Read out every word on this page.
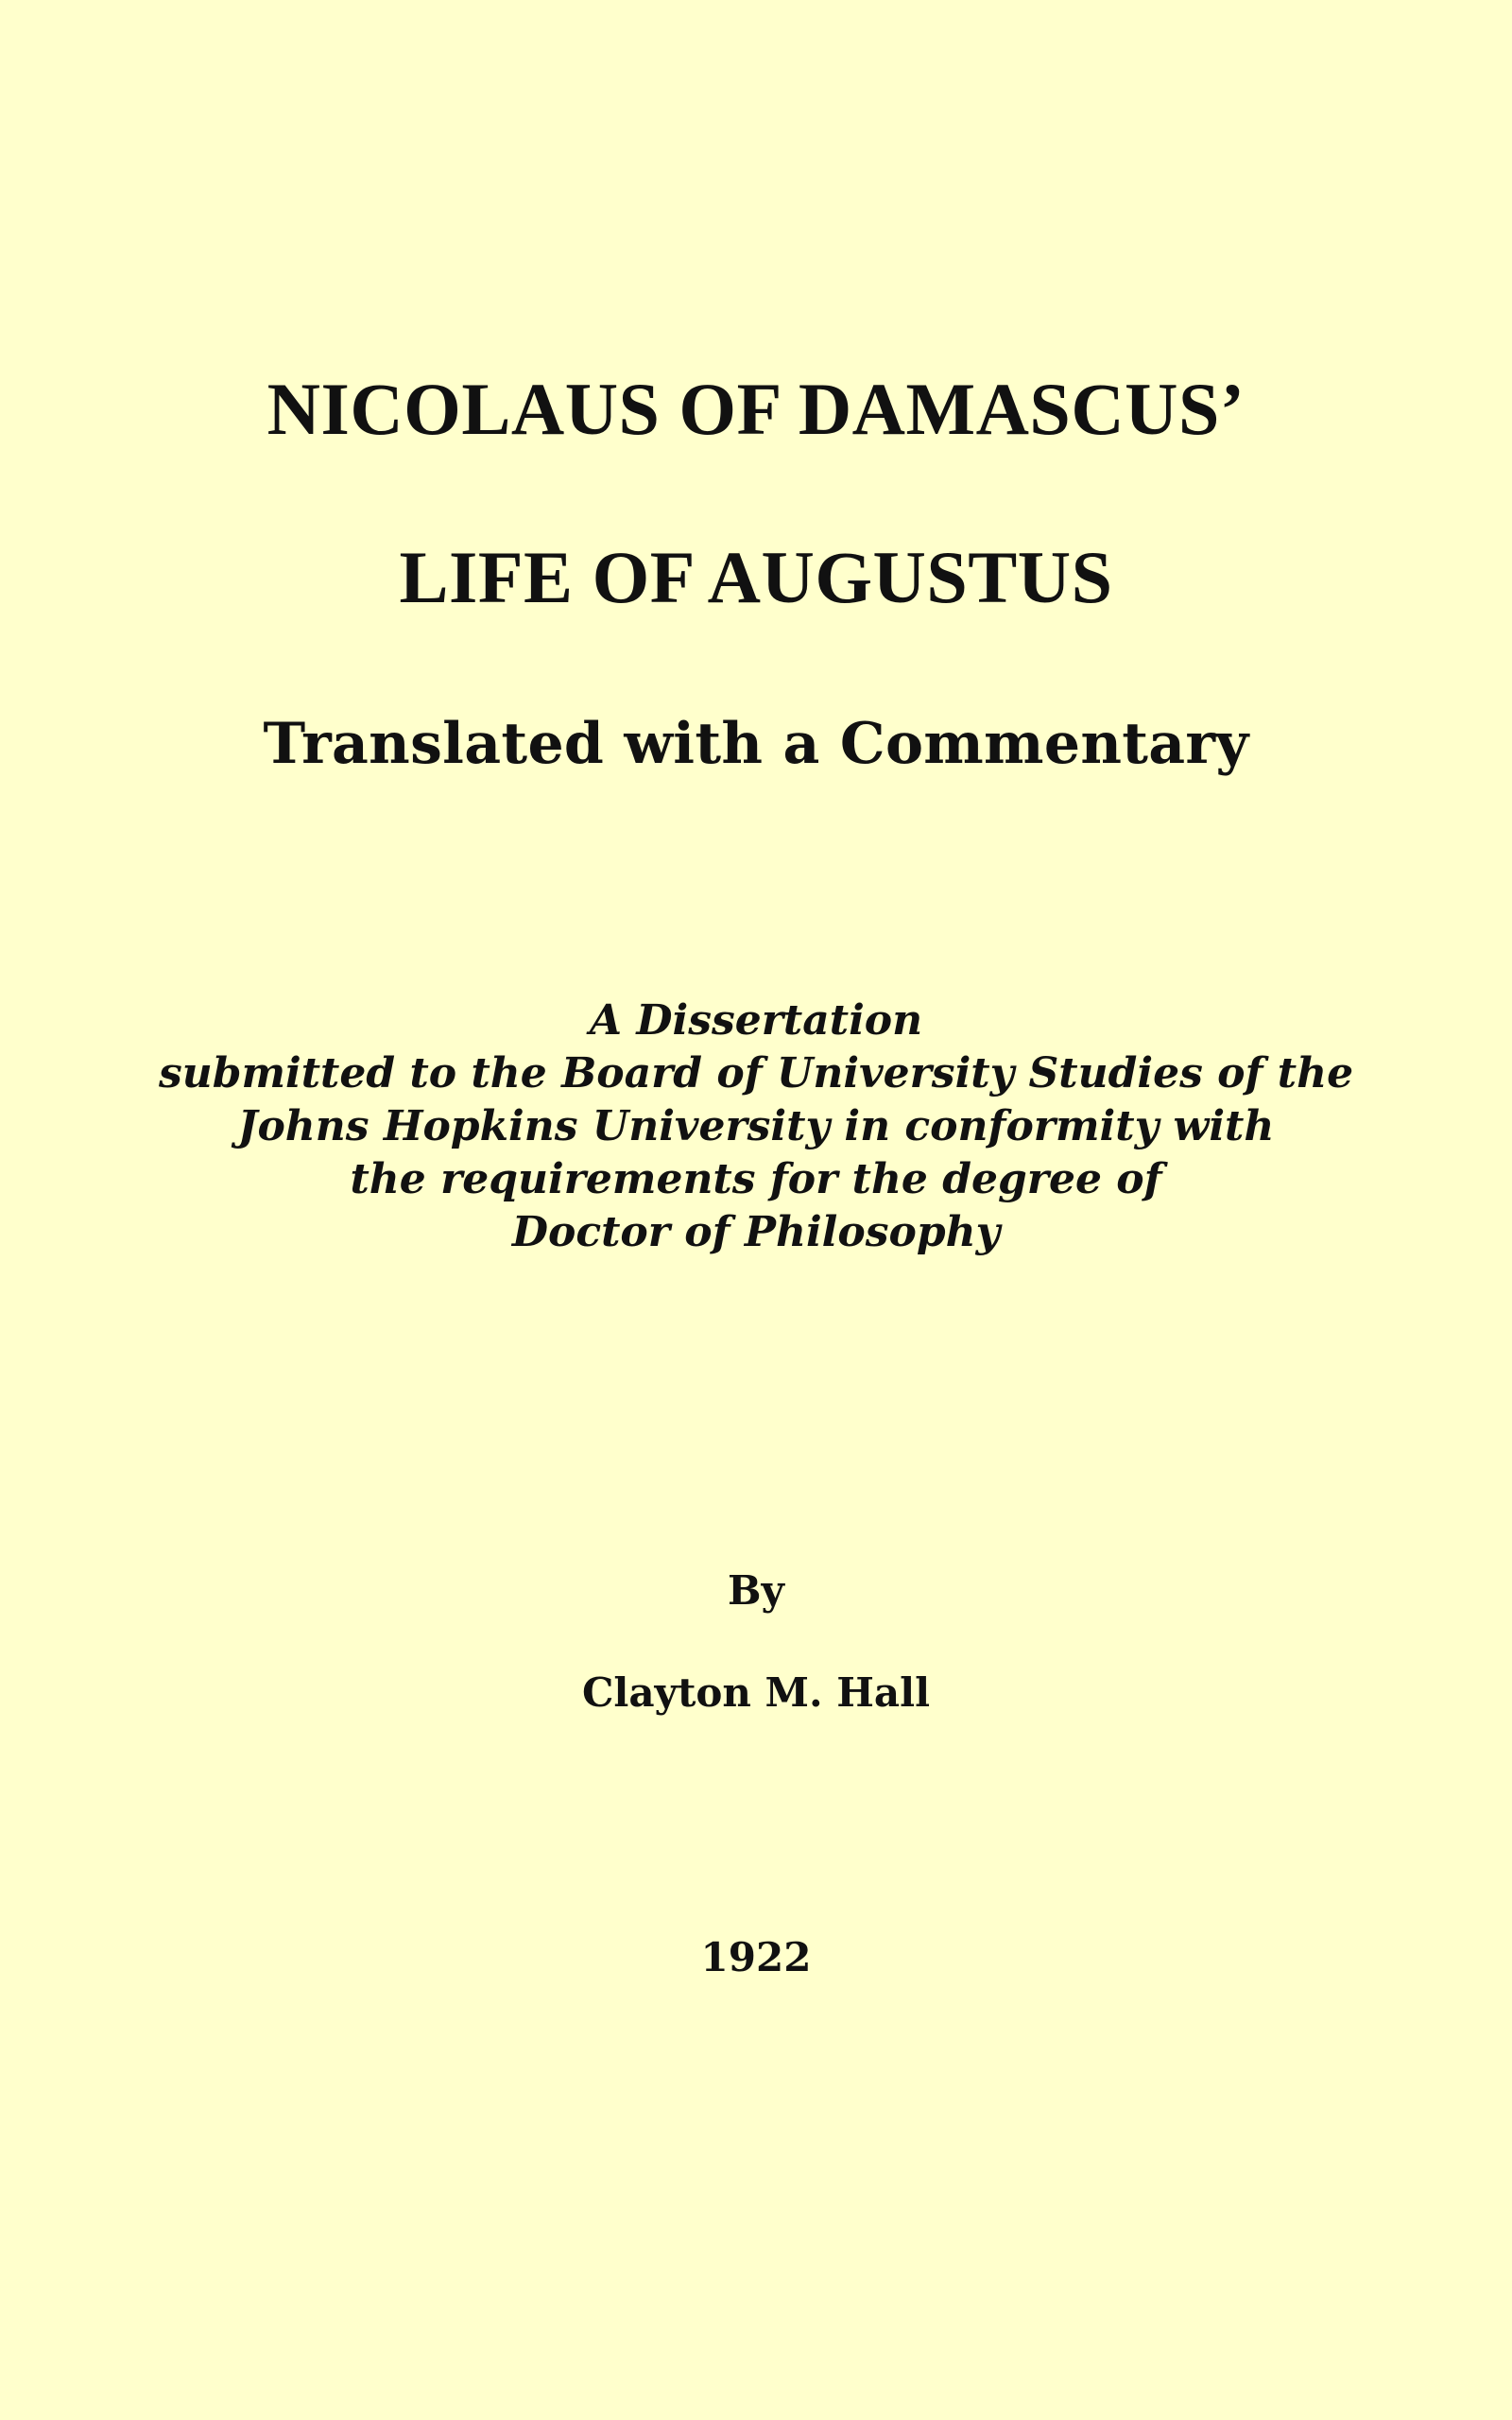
NICOLAUS OF DAMASCUS’
LIFE OF AUGUSTUS
Translated with a Commentary
A Dissertation
submitted to the Board of University Studies of the
Johns Hopkins University in conformity with
the requirements for the degree of
Doctor of Philosophy
By
Clayton M. Hall
1922
